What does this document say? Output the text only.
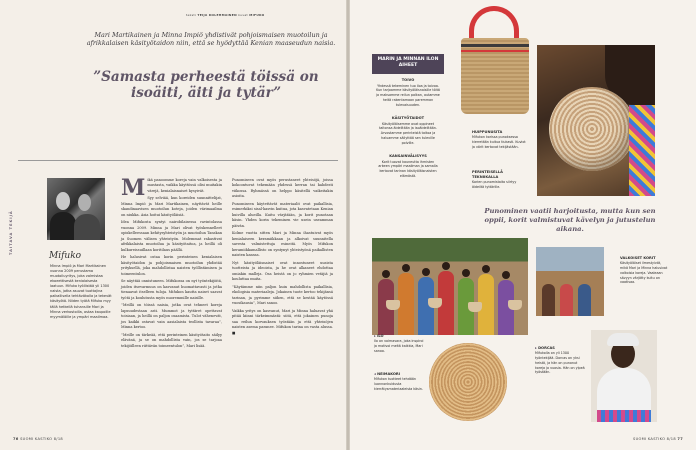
teksti TEIJA KOLEHMAINEN kuvat MIFUKO
Mari Martikainen ja Minna Impiö yhdistivät pohjoismaisen muotoilun ja afrikkalaisen käsityötaidon niin, että se hyödyttää Kenian maaseudun naisia.
”Samasta perheestä töissä on isoäiti, äiti ja tytär”
TAITAVA TEKIJÄ
Mifuko
Minna Impiö ja Mari Martikainen vuonna 2009 perustama muotoiluyritys, joka valmistaa ekoeettisestä kenialaisesta laatuun. Mifuko työllistää yli 1300 naista, jotka asuvat tuottajina paikallisella tehtäväkolla ja tekevät käsityötä. Niiden työtä Mifuko myy tällä hetkellä tuhansille Mari ja Minna verkostoilla, ostaa kaupoille myymälöille ja ympäri maailmaa.

Mikä panoomme korejа vain valkoisesta ja mustasta, vaikka käyttössä olisi muitakin värejä, kenialaisnaiset kysyivät.

Syy selviää, kun koreiden suunnittelijat, Minna Impiö ja Mari Martikainen, näyttävät heille skandinaavisen muotoilun koteja, joiden värimaailma on niukka. Asia hoitui käsityöläisiä.

Idea Mifukosta syntyi nairobilaisessa ravintolassa vuonna 2009. Minna ja Mari olivat työskennelleet opiskelleessaan kehitysyhteistyön ja muotoilun Tanskan ja Suomen välisen yhteistyön. Molemmat rakastivat afrikkalaista muotoilua ja käsityötaitoa, ja heillä oli kulkureissuillaan koritilaus päällä.

He halusivat ostaa korin perinteisen kenialaisen käsityötaidon ja pohjoismaisen muotoilun yhdistää yrityksellä, joka mahdollistaa naisten työllistämisen ja toimeentulon.

Se näyttää onnistuneen. Mifukossa on nyt työntekijöitä, joiden itsevarmuus on kasvanut huomattavasti ja jotka tienaavat itselleen tuloja. Mifukon kautta naiset saavat työtä ja koulutusta myös nuoremmille naisille.

”Meillä on töissä naisia, jotka ovat tehneet koreja lapsuudestaan asti. Mummot ja tyttäret opettavat toisiaan, ja heillä on paljon osaamista. Tulot vähenevät, jos kaikki ostavat vain aasialaista teollista tavaraa”, Minna kertoo.

”Meille on tärkeää, että perinteinen käsityötaito säilyy elävänä, ja se on mahdollista vain, jos se tarjoaa tekijöilleen riittävän toimeentulon”, Mari lisää.

Punomiseen ovat myös perustaneet yhteisöjä, joissa kokoontuvat tekemään yhdessä kerran tai kahdesti viikossa. Ryhmässä on helppo käsitellä vaikeitakin asioita.

Punomiseen käytettävät materiaalit ovat paikallisia, esimerkiksi sisal-kasvin kuitua, jota kasvatetaan Kenian kuivilla alueilla. Kuitu värjätään, ja korit punotaan käsin. Yhden korin tekeminen vie usein useamman päivän.

Kolme vuotta sitten Mari ja Minna ihastuivat myös kenialaiseen keramiikkaan ja alkoivat suunnitella savesta valmistettuja esineitä. Myös Mifukon keramiikkamallisto on syntynyt yhteistyönä paikallisten naisten kanssa.

Nyt käsityöläisnaiset ovat innostuneet uusista tuotteista ja ideoista, ja he ovat alkaneet ehdottaa omiakin malleja. Osa heistä on jo ryhmien vetäjiä ja kouluttaa muita.

”Käytämme niin paljon kuin mahdollista paikallisia, ekologisia materiaaleja. Jokainen tuote kertoo tekijänsä tarinan, ja pyrimme siihen, että se kestää käytössä vuosikausia”, Mari sanoo.

Vaikka yritys on kasvanut, Mari ja Minna haluavat yhä pitää kiinni tärkeimmästä: siitä, että jokainen punoja saa reilun korvauksen työstään ja että yhteisöjen naisten asema paranee. Mifukon tarina on vasta alussa. ■

76 SUOMI KASTIKO 8/18
MARIN JA MINNAN ILON AIHEET
TOIVO
Yhdessä tekeminen tuo iloa ja toivoa. Kun tarjoamme käsityöläisnaisille töitä ja maksamme reilun palkan, autamme heitä rakentamaan paremman tulevaisuuden.
KÄSITYÖTAIDOT
Käsityöläisemme ovat oppineet taitonsa äideiltään ja isoäideiltään. Arvostamme perinteistä taitoa ja haluamme säilyttää sen tuleville polville.
KANSAINVÄLISYYS
Korit tuovat kauneutta ihmisten arkeen ympäri maailman ja samalla kertovat tarinan käsityöläisnaisten elämästä.
HUIPPUNUSITA
Mifukon korissa punoksessa kierretään kuitua tiukasti. Kuviot ja värit kertovat tekijästään.
PERINTEISELLÄ TEKNIIKALLA
Korien punomistaito siirtyy äideiltä tyttärille.
Punominen vaatii harjoitusta, mutta kun sen oppii, korit valmistuvat kävelyn ja jutustelun aikana.
VALKOISET KORIT
Käsityöläiset ilmestyivät, mikä Mari ja Minna halusivat valkoisia koreja. Vaaleaan sävyyn värjätty kuitu on vaativaa.
▸ ILO
Ilo on voimavara, joka inspiroi ja motivoi meitä kaikkia, Mari sanoo.
◂ NEIMAKORI
Mifukon tuotteet tehdään luonnonkuidusta kierrätysmateriaaleista käsin.
▸ DORCAS
Mifukolla on yli 1300 työntekijää. Dorcas on yksi heistä, ja hän on punonut koreja jo vuosia. Hän on ylpeä työstään.
SUOMI KASTIKO 8/18 77
